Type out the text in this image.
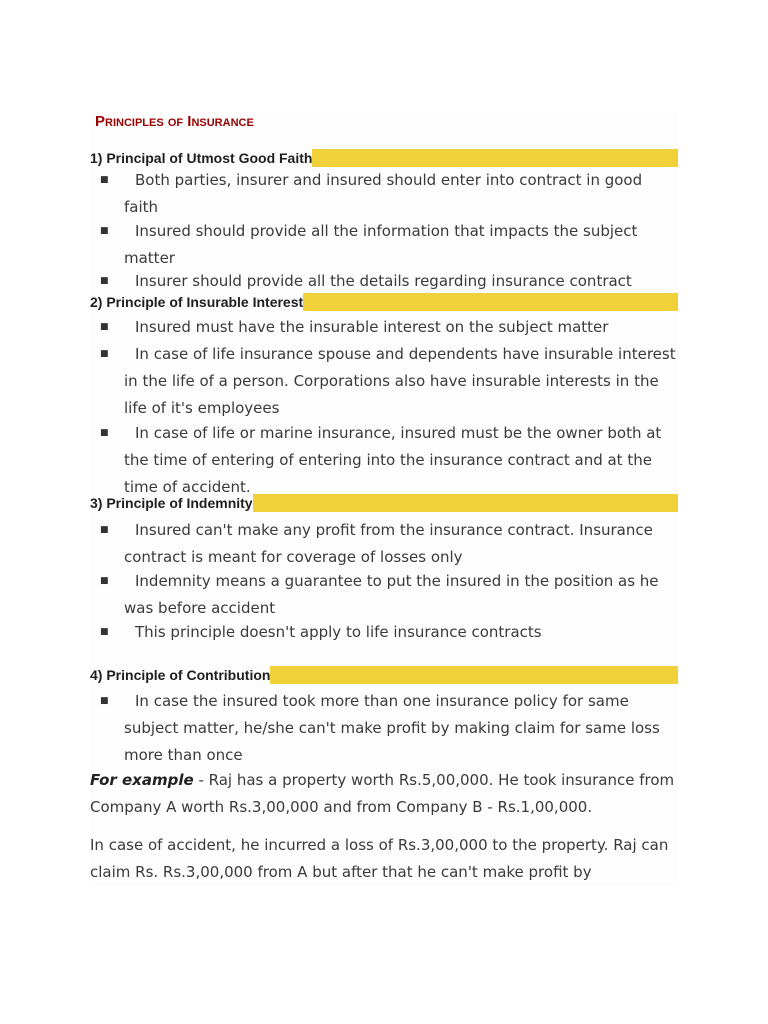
Principles of Insurance
1) Principal of Utmost Good Faith
■ Both parties, insurer and insured should enter into contract in good faith
■ Insured should provide all the information that impacts the subject matter
■ Insurer should provide all the details regarding insurance contract
2) Principle of Insurable Interest
■ Insured must have the insurable interest on the subject matter
■ In case of life insurance spouse and dependents have insurable interest in the life of a person. Corporations also have insurable interests in the life of it's employees
■ In case of life or marine insurance, insured must be the owner both at the time of entering of entering into the insurance contract and at the time of accident.
3) Principle of Indemnity
■ Insured can't make any profit from the insurance contract. Insurance contract is meant for coverage of losses only
■ Indemnity means a guarantee to put the insured in the position as he was before accident
■ This principle doesn't apply to life insurance contracts
4) Principle of Contribution
■ In case the insured took more than one insurance policy for same subject matter, he/she can't make profit by making claim for same loss more than once
For example - Raj has a property worth Rs.5,00,000. He took insurance from Company A worth Rs.3,00,000 and from Company B - Rs.1,00,000.
In case of accident, he incurred a loss of Rs.3,00,000 to the property. Raj can claim Rs. Rs.3,00,000 from A but after that he can't make profit by
